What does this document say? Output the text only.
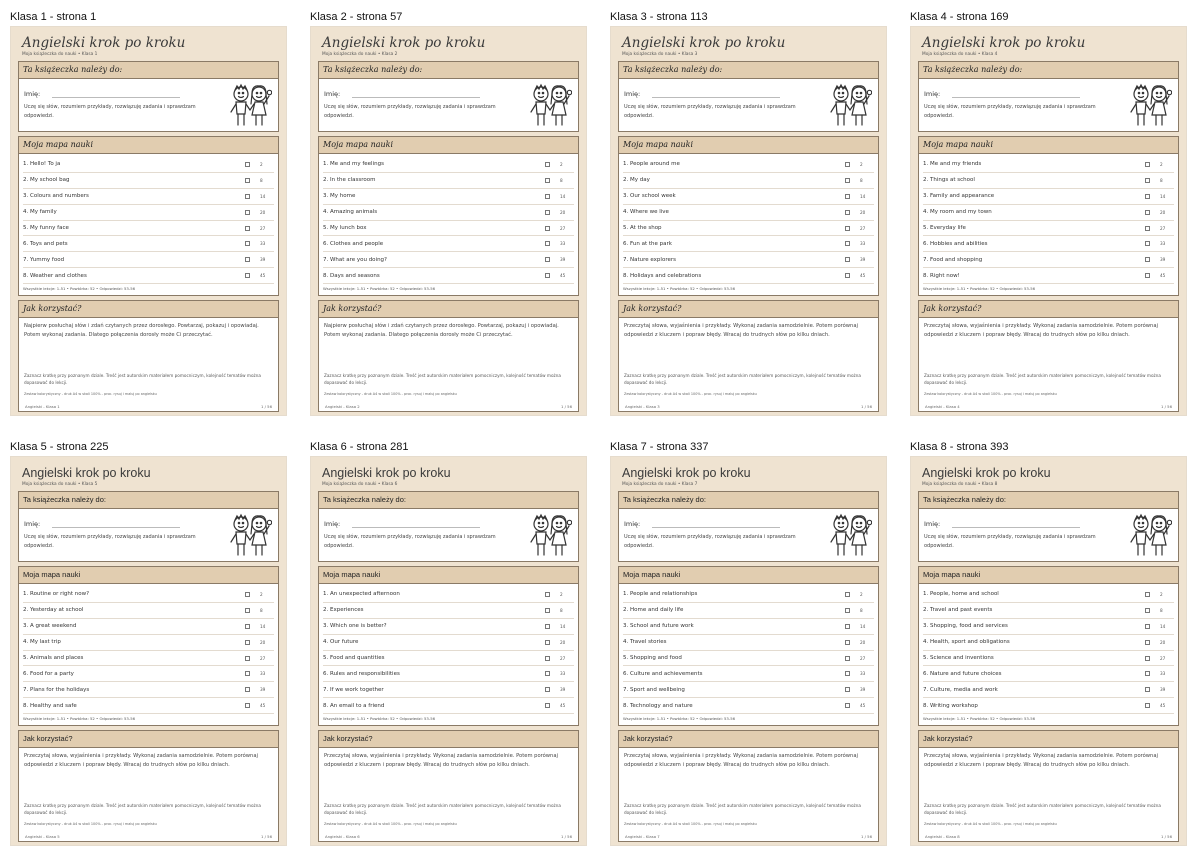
Klasa 1 - strona 1
Angielski krok po kroku
Moja książeczka do nauki • Klasa 1
Ta książeczka należy do:
Imię:
Uczę się słów, rozumiem przykłady, rozwiązuję zadania i sprawdzam odpowiedzi.
Moja mapa nauki
1. Hello! To ja	2
2. My school bag	8
3. Colours and numbers	14
4. My family	20
5. My funny face	27
6. Toys and pets	33
7. Yummy food	39
8. Weather and clothes	45
Wszystkie lekcje: 1-51 • Powtórka: 52 • Odpowiedzi: 53-56
Jak korzystać?
Najpierw posłuchaj słów i zdań czytanych przez dorosłego. Powtarzaj, pokazuj i opowiadaj. Potem wykonaj zadania. Dlatego połączenia dorosły może Ci przeczytać.
Zaznacz kratkę przy poznanym dziale. Treść jest autorskim materiałem pomocniczym, kolejność tematów można dopasować do lekcji.
Zestaw kolorystyczny - druk A4 w skali 100% - proc. rysuj i maluj po angielsku
Angielski - Klasa 1	1 / 56
Klasa 2 - strona 57
Angielski krok po kroku
Moja książeczka do nauki • Klasa 2
Ta książeczka należy do:
Imię:
Uczę się słów, rozumiem przykłady, rozwiązuję zadania i sprawdzam odpowiedzi.
Moja mapa nauki
1. Me and my feelings	2
2. In the classroom	8
3. My home	14
4. Amazing animals	20
5. My lunch box	27
6. Clothes and people	33
7. What are you doing?	39
8. Days and seasons	45
Wszystkie lekcje: 1-51 • Powtórka: 52 • Odpowiedzi: 53-56
Jak korzystać?
Najpierw posłuchaj słów i zdań czytanych przez dorosłego. Powtarzaj, pokazuj i opowiadaj. Potem wykonaj zadania. Dlatego połączenia dorosły może Ci przeczytać.
Zaznacz kratkę przy poznanym dziale. Treść jest autorskim materiałem pomocniczym, kolejność tematów można dopasować do lekcji.
Zestaw kolorystyczny - druk A4 w skali 100% - proc. rysuj i maluj po angielsku
Angielski - Klasa 2	1 / 56
Klasa 3 - strona 113
Angielski krok po kroku
Moja książeczka do nauki • Klasa 3
Ta książeczka należy do:
Imię:
Uczę się słów, rozumiem przykłady, rozwiązuję zadania i sprawdzam odpowiedzi.
Moja mapa nauki
1. People around me	2
2. My day	8
3. Our school week	14
4. Where we live	20
5. At the shop	27
6. Fun at the park	33
7. Nature explorers	39
8. Holidays and celebrations	45
Wszystkie lekcje: 1-51 • Powtórka: 52 • Odpowiedzi: 53-56
Jak korzystać?
Przeczytaj słowa, wyjaśnienia i przykłady. Wykonaj zadania samodzielnie. Potem porównaj odpowiedzi z kluczem i popraw błędy. Wracaj do trudnych słów po kilku dniach.
Zaznacz kratkę przy poznanym dziale. Treść jest autorskim materiałem pomocniczym, kolejność tematów można dopasować do lekcji.
Zestaw kolorystyczny - druk A4 w skali 100% - proc. rysuj i maluj po angielsku
Angielski - Klasa 3	1 / 56
Klasa 4 - strona 169
Angielski krok po kroku
Moja książeczka do nauki • Klasa 4
Ta książeczka należy do:
Imię:
Uczę się słów, rozumiem przykłady, rozwiązuję zadania i sprawdzam odpowiedzi.
Moja mapa nauki
1. Me and my friends	2
2. Things at school	8
3. Family and appearance	14
4. My room and my town	20
5. Everyday life	27
6. Hobbies and abilities	33
7. Food and shopping	39
8. Right now!	45
Wszystkie lekcje: 1-51 • Powtórka: 52 • Odpowiedzi: 53-56
Jak korzystać?
Przeczytaj słowa, wyjaśnienia i przykłady. Wykonaj zadania samodzielnie. Potem porównaj odpowiedzi z kluczem i popraw błędy. Wracaj do trudnych słów po kilku dniach.
Zaznacz kratkę przy poznanym dziale. Treść jest autorskim materiałem pomocniczym, kolejność tematów można dopasować do lekcji.
Zestaw kolorystyczny - druk A4 w skali 100% - proc. rysuj i maluj po angielsku
Angielski - Klasa 4	1 / 56
Klasa 5 - strona 225
Angielski krok po kroku
Moja książeczka do nauki • Klasa 5
Ta książeczka należy do:
Imię:
Uczę się słów, rozumiem przykłady, rozwiązuję zadania i sprawdzam odpowiedzi.
Moja mapa nauki
1. Routine or right now?	2
2. Yesterday at school	8
3. A great weekend	14
4. My last trip	20
5. Animals and places	27
6. Food for a party	33
7. Plans for the holidays	39
8. Healthy and safe	45
Wszystkie lekcje: 1-51 • Powtórka: 52 • Odpowiedzi: 53-56
Jak korzystać?
Przeczytaj słowa, wyjaśnienia i przykłady. Wykonaj zadania samodzielnie. Potem porównaj odpowiedzi z kluczem i popraw błędy. Wracaj do trudnych słów po kilku dniach.
Zaznacz kratkę przy poznanym dziale. Treść jest autorskim materiałem pomocniczym, kolejność tematów można dopasować do lekcji.
Zestaw kolorystyczny - druk A4 w skali 100% - proc. rysuj i maluj po angielsku
Angielski - Klasa 5	1 / 56
Klasa 6 - strona 281
Angielski krok po kroku
Moja książeczka do nauki • Klasa 6
Ta książeczka należy do:
Imię:
Uczę się słów, rozumiem przykłady, rozwiązuję zadania i sprawdzam odpowiedzi.
Moja mapa nauki
1. An unexpected afternoon	2
2. Experiences	8
3. Which one is better?	14
4. Our future	20
5. Food and quantities	27
6. Rules and responsibilities	33
7. If we work together	39
8. An email to a friend	45
Wszystkie lekcje: 1-51 • Powtórka: 52 • Odpowiedzi: 53-56
Jak korzystać?
Przeczytaj słowa, wyjaśnienia i przykłady. Wykonaj zadania samodzielnie. Potem porównaj odpowiedzi z kluczem i popraw błędy. Wracaj do trudnych słów po kilku dniach.
Zaznacz kratkę przy poznanym dziale. Treść jest autorskim materiałem pomocniczym, kolejność tematów można dopasować do lekcji.
Zestaw kolorystyczny - druk A4 w skali 100% - proc. rysuj i maluj po angielsku
Angielski - Klasa 6	1 / 56
Klasa 7 - strona 337
Angielski krok po kroku
Moja książeczka do nauki • Klasa 7
Ta książeczka należy do:
Imię:
Uczę się słów, rozumiem przykłady, rozwiązuję zadania i sprawdzam odpowiedzi.
Moja mapa nauki
1. People and relationships	2
2. Home and daily life	8
3. School and future work	14
4. Travel stories	20
5. Shopping and food	27
6. Culture and achievements	33
7. Sport and wellbeing	39
8. Technology and nature	45
Wszystkie lekcje: 1-51 • Powtórka: 52 • Odpowiedzi: 53-56
Jak korzystać?
Przeczytaj słowa, wyjaśnienia i przykłady. Wykonaj zadania samodzielnie. Potem porównaj odpowiedzi z kluczem i popraw błędy. Wracaj do trudnych słów po kilku dniach.
Zaznacz kratkę przy poznanym dziale. Treść jest autorskim materiałem pomocniczym, kolejność tematów można dopasować do lekcji.
Zestaw kolorystyczny - druk A4 w skali 100% - proc. rysuj i maluj po angielsku
Angielski - Klasa 7	1 / 56
Klasa 8 - strona 393
Angielski krok po kroku
Moja książeczka do nauki • Klasa 8
Ta książeczka należy do:
Imię:
Uczę się słów, rozumiem przykłady, rozwiązuję zadania i sprawdzam odpowiedzi.
Moja mapa nauki
1. People, home and school	2
2. Travel and past events	8
3. Shopping, food and services	14
4. Health, sport and obligations	20
5. Science and inventions	27
6. Nature and future choices	33
7. Culture, media and work	39
8. Writing workshop	45
Wszystkie lekcje: 1-51 • Powtórka: 52 • Odpowiedzi: 53-56
Jak korzystać?
Przeczytaj słowa, wyjaśnienia i przykłady. Wykonaj zadania samodzielnie. Potem porównaj odpowiedzi z kluczem i popraw błędy. Wracaj do trudnych słów po kilku dniach.
Zaznacz kratkę przy poznanym dziale. Treść jest autorskim materiałem pomocniczym, kolejność tematów można dopasować do lekcji.
Zestaw kolorystyczny - druk A4 w skali 100% - proc. rysuj i maluj po angielsku
Angielski - Klasa 8	1 / 56
